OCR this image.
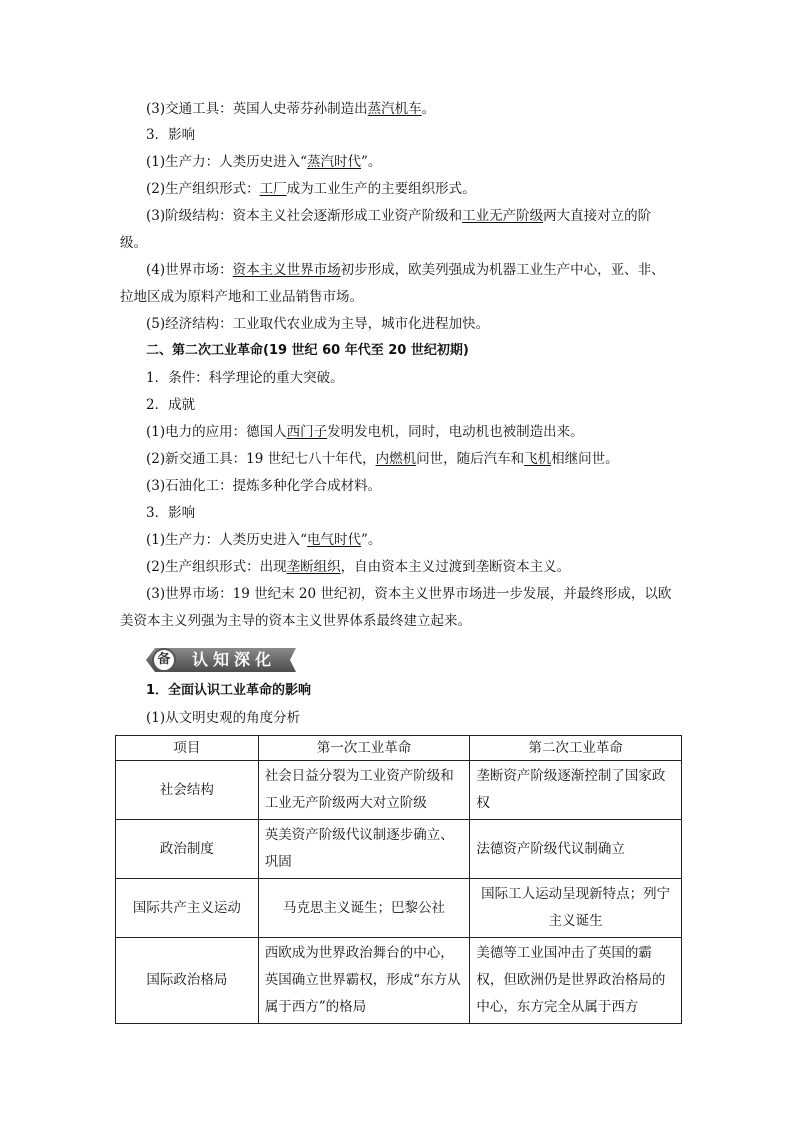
(3)交通工具：英国人史蒂芬孙制造出蒸汽机车。
3．影响
(1)生产力：人类历史进入“蒸汽时代”。
(2)生产组织形式：工厂成为工业生产的主要组织形式。
(3)阶级结构：资本主义社会逐渐形成工业资产阶级和工业无产阶级两大直接对立的阶
级。
(4)世界市场：资本主义世界市场初步形成，欧美列强成为机器工业生产中心，亚、非、
拉地区成为原料产地和工业品销售市场。
(5)经济结构：工业取代农业成为主导，城市化进程加快。
二、第二次工业革命(19 世纪 60 年代至 20 世纪初期)
1．条件：科学理论的重大突破。
2．成就
(1)电力的应用：德国人西门子发明发电机，同时，电动机也被制造出来。
(2)新交通工具：19 世纪七八十年代，内燃机问世，随后汽车和飞机相继问世。
(3)石油化工：提炼多种化学合成材料。
3．影响
(1)生产力：人类历史进入“电气时代”。
(2)生产组织形式：出现垄断组织，自由资本主义过渡到垄断资本主义。
(3)世界市场：19 世纪末 20 世纪初，资本主义世界市场进一步发展，并最终形成，以欧
美资本主义列强为主导的资本主义世界体系最终建立起来。
备	认知深化
1．全面认识工业革命的影响
(1)从文明史观的角度分析
项目	第一次工业革命	第二次工业革命
社会结构	社会日益分裂为工业资产阶级和工业无产阶级两大对立阶级	垄断资产阶级逐渐控制了国家政权
政治制度	英美资产阶级代议制逐步确立、巩固	法德资产阶级代议制确立
国际共产主义运动	马克思主义诞生；巴黎公社	国际工人运动呈现新特点；列宁主义诞生
国际政治格局	西欧成为世界政治舞台的中心，英国确立世界霸权，形成“东方从属于西方”的格局	美德等工业国冲击了英国的霸权，但欧洲仍是世界政治格局的中心，东方完全从属于西方
